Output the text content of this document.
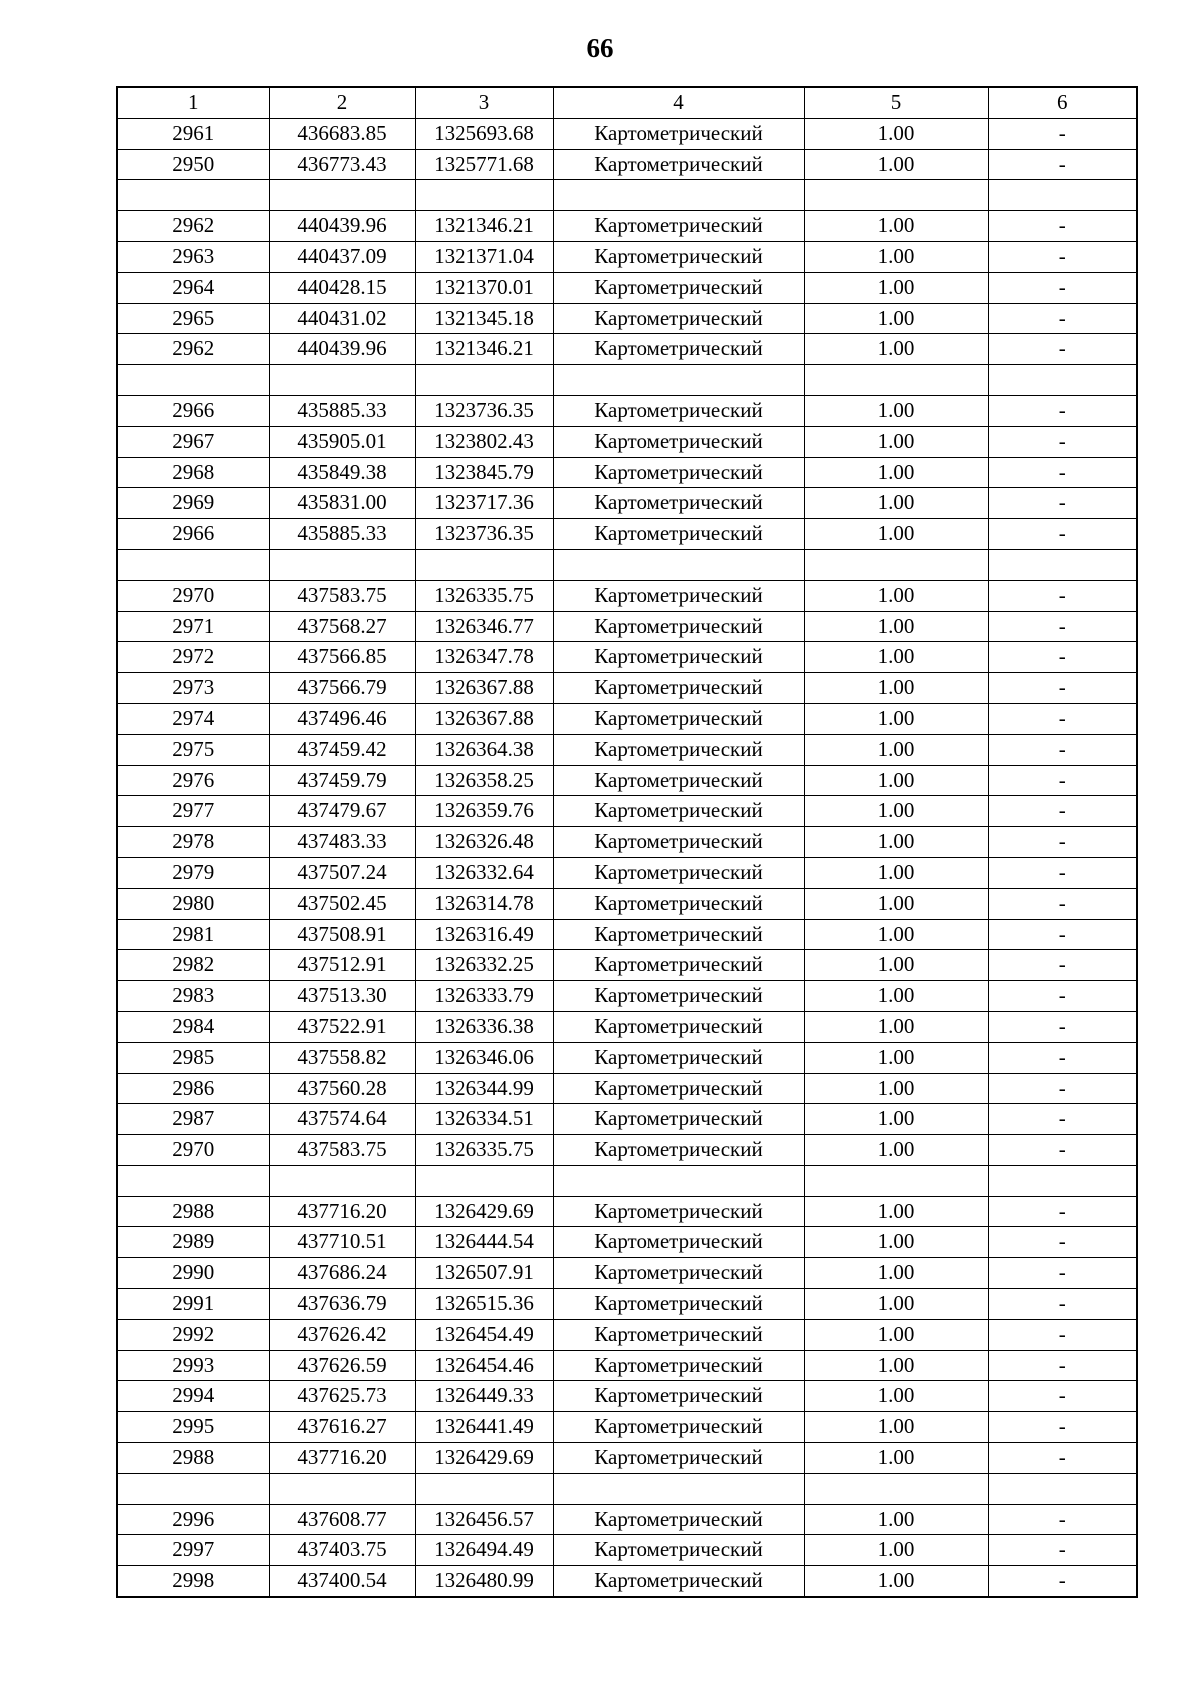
66
1	2	3	4	5	6
2961	436683.85	1325693.68	Картометрический	1.00	-
2950	436773.43	1325771.68	Картометрический	1.00	-

2962	440439.96	1321346.21	Картометрический	1.00	-
2963	440437.09	1321371.04	Картометрический	1.00	-
2964	440428.15	1321370.01	Картометрический	1.00	-
2965	440431.02	1321345.18	Картометрический	1.00	-
2962	440439.96	1321346.21	Картометрический	1.00	-

2966	435885.33	1323736.35	Картометрический	1.00	-
2967	435905.01	1323802.43	Картометрический	1.00	-
2968	435849.38	1323845.79	Картометрический	1.00	-
2969	435831.00	1323717.36	Картометрический	1.00	-
2966	435885.33	1323736.35	Картометрический	1.00	-

2970	437583.75	1326335.75	Картометрический	1.00	-
2971	437568.27	1326346.77	Картометрический	1.00	-
2972	437566.85	1326347.78	Картометрический	1.00	-
2973	437566.79	1326367.88	Картометрический	1.00	-
2974	437496.46	1326367.88	Картометрический	1.00	-
2975	437459.42	1326364.38	Картометрический	1.00	-
2976	437459.79	1326358.25	Картометрический	1.00	-
2977	437479.67	1326359.76	Картометрический	1.00	-
2978	437483.33	1326326.48	Картометрический	1.00	-
2979	437507.24	1326332.64	Картометрический	1.00	-
2980	437502.45	1326314.78	Картометрический	1.00	-
2981	437508.91	1326316.49	Картометрический	1.00	-
2982	437512.91	1326332.25	Картометрический	1.00	-
2983	437513.30	1326333.79	Картометрический	1.00	-
2984	437522.91	1326336.38	Картометрический	1.00	-
2985	437558.82	1326346.06	Картометрический	1.00	-
2986	437560.28	1326344.99	Картометрический	1.00	-
2987	437574.64	1326334.51	Картометрический	1.00	-
2970	437583.75	1326335.75	Картометрический	1.00	-

2988	437716.20	1326429.69	Картометрический	1.00	-
2989	437710.51	1326444.54	Картометрический	1.00	-
2990	437686.24	1326507.91	Картометрический	1.00	-
2991	437636.79	1326515.36	Картометрический	1.00	-
2992	437626.42	1326454.49	Картометрический	1.00	-
2993	437626.59	1326454.46	Картометрический	1.00	-
2994	437625.73	1326449.33	Картометрический	1.00	-
2995	437616.27	1326441.49	Картометрический	1.00	-
2988	437716.20	1326429.69	Картометрический	1.00	-

2996	437608.77	1326456.57	Картометрический	1.00	-
2997	437403.75	1326494.49	Картометрический	1.00	-
2998	437400.54	1326480.99	Картометрический	1.00	-
